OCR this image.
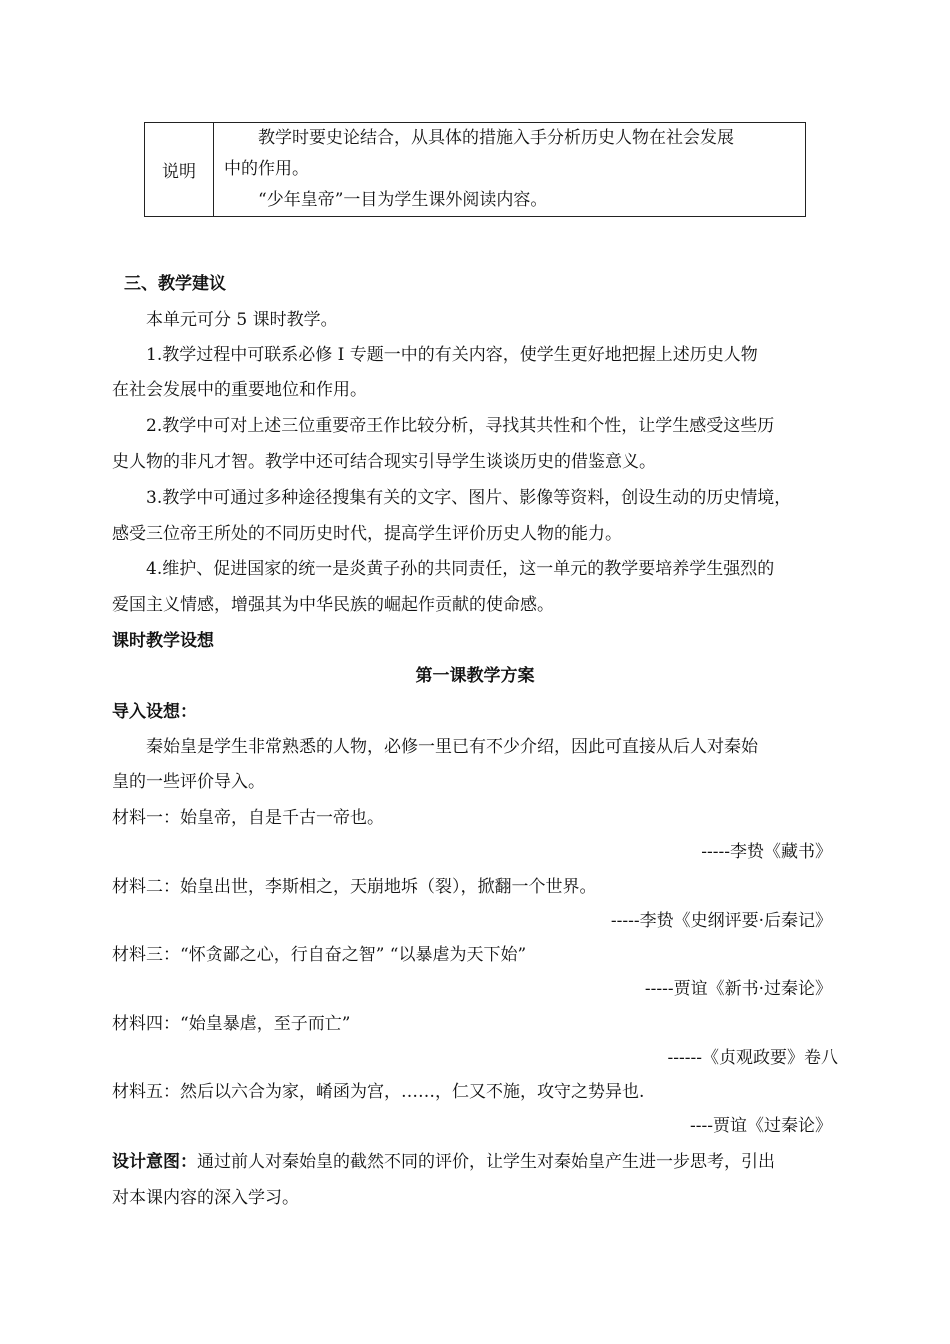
说明	
教学时要史论结合，从具体的措施入手分析历史人物在社会发展
中的作用。
“少年皇帝”一目为学生课外阅读内容。
三、教学建议
本单元可分 5 课时教学。
1.教学过程中可联系必修 I 专题一中的有关内容，使学生更好地把握上述历史人物
在社会发展中的重要地位和作用。
2.教学中可对上述三位重要帝王作比较分析，寻找其共性和个性，让学生感受这些历
史人物的非凡才智。教学中还可结合现实引导学生谈谈历史的借鉴意义。
3.教学中可通过多种途径搜集有关的文字、图片、影像等资料，创设生动的历史情境，
感受三位帝王所处的不同历史时代，提高学生评价历史人物的能力。
4.维护、促进国家的统一是炎黄子孙的共同责任，这一单元的教学要培养学生强烈的
爱国主义情感，增强其为中华民族的崛起作贡献的使命感。
课时教学设想
第一课教学方案
导入设想：
秦始皇是学生非常熟悉的人物，必修一里已有不少介绍，因此可直接从后人对秦始
皇的一些评价导入。
材料一：始皇帝，自是千古一帝也。
-----李贽《藏书》
材料二：始皇出世，李斯相之，天崩地坼（裂），掀翻一个世界。
-----李贽《史纲评要·后秦记》
材料三：“怀贪鄙之心，行自奋之智” “以暴虐为天下始”
-----贾谊《新书·过秦论》
材料四：“始皇暴虐，至子而亡”
------《贞观政要》卷八
材料五：然后以六合为家，崤函为宫，……，仁又不施，攻守之势异也.
----贾谊《过秦论》
设计意图：通过前人对秦始皇的截然不同的评价，让学生对秦始皇产生进一步思考，引出
对本课内容的深入学习。
